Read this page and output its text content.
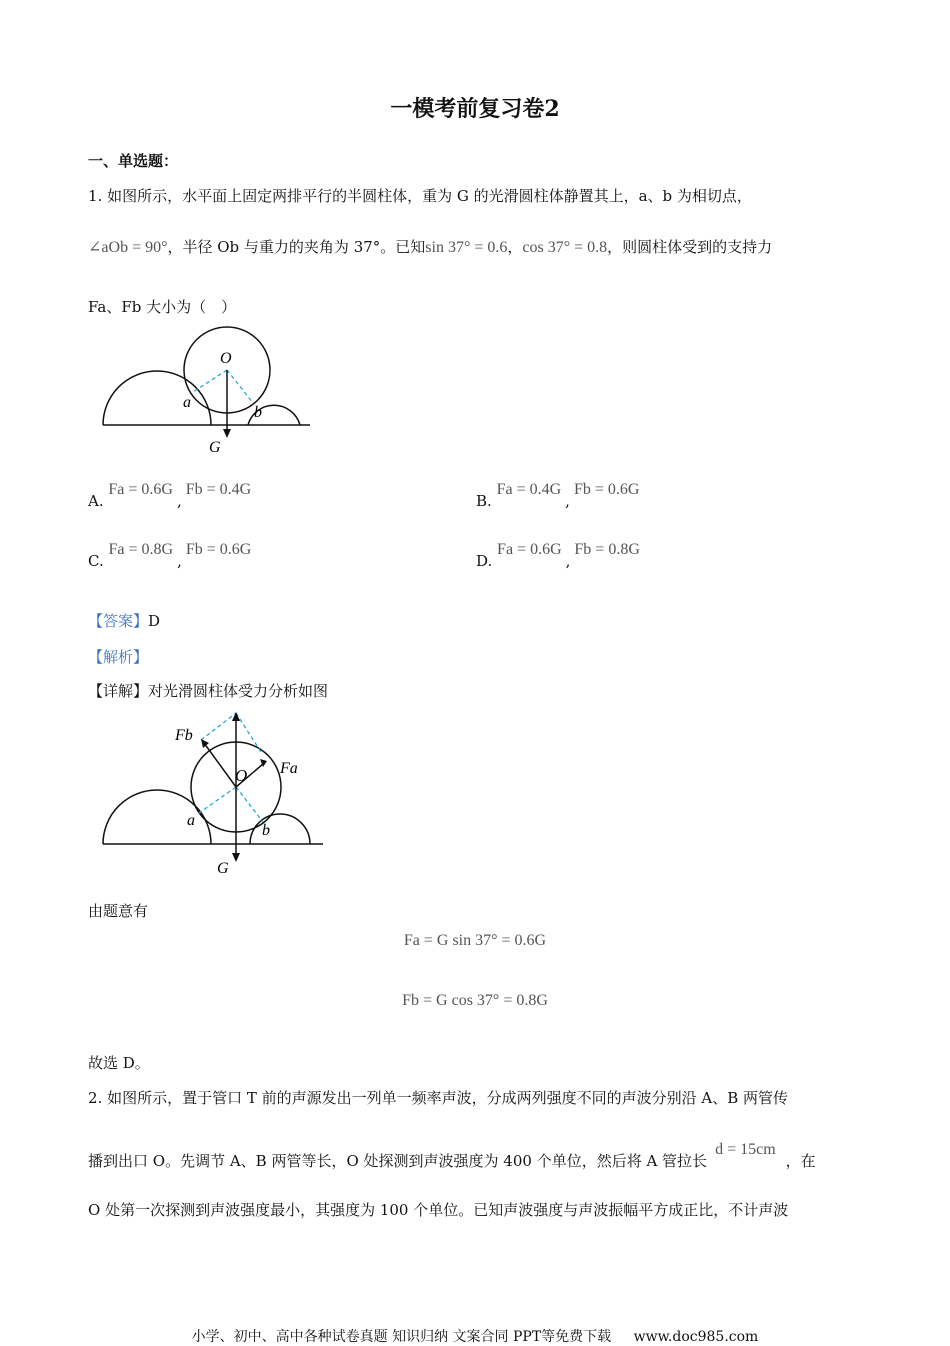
一模考前复习卷2
一、单选题：
1. 如图所示，水平面上固定两排平行的半圆柱体，重为 G 的光滑圆柱体静置其上，a、b 为相切点，
∠aOb = 90°，半径 Ob 与重力的夹角为 37°。已知sin 37° = 0.6，cos 37° = 0.8，则圆柱体受到的支持力
Fa、Fb 大小为（　）
O
a
b
G
A. Fa = 0.6G,Fb = 0.4G
B. Fa = 0.4G,Fb = 0.6G
C. Fa = 0.8G,Fb = 0.6G
D. Fa = 0.6G,Fb = 0.8G
【答案】D
【解析】
【详解】对光滑圆柱体受力分析如图
Fb
O Fa
a
b
G
由题意有
Fa = G sin 37° = 0.6G
Fb = G cos 37° = 0.8G
故选 D。
2. 如图所示，置于管口 T 前的声源发出一列单一频率声波，分成两列强度不同的声波分别沿 A、B 两管传
播到出口 O。先调节 A、B 两管等长，O 处探测到声波强度为 400 个单位，然后将 A 管拉长d = 15cm，在
O 处第一次探测到声波强度最小，其强度为 100 个单位。已知声波强度与声波振幅平方成正比，不计声波
小学、初中、高中各种试卷真题 知识归纳 文案合同 PPT等免费下载 www.doc985.com
